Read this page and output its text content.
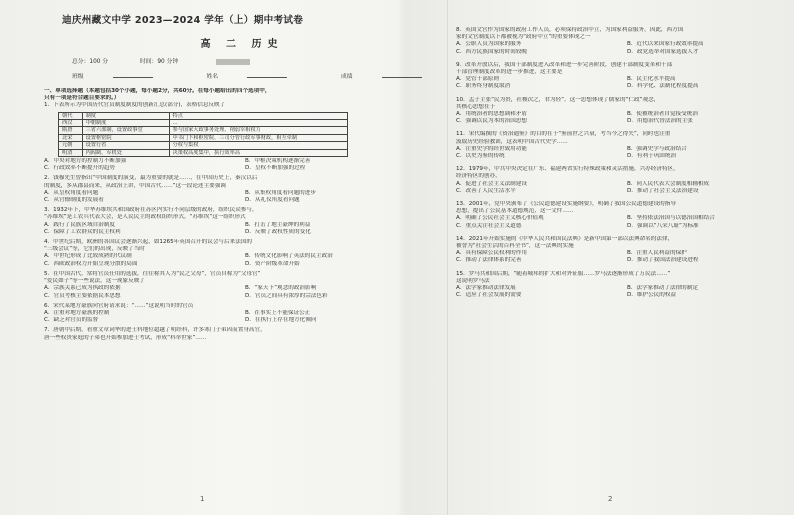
迪庆州藏文中学 2023—2024 学年（上）期中考试卷
高 二 历史
总分：100 分	时间：90 分钟
班级	姓名	成绩

一、单项选择题（本题包括30个小题，每小题2分，共60分。在每小题给出的四个选项中，

只有一项是符合题目要求的。）

1．下表所示为中国历代官员制度制度的创新汇总(部分)，表格信息反映了

朝代	制度	特点
西汉	中朝制度	…
隋唐	三省六部制，设置政事堂	参与国家大政事务处理、削弱宰相权力
北宋	设置枢密院	中书门下和枢密院、三司分管行政军事财政，相互牵制
元朝	设置行省	分权与集权
明清	内阁制、军机处	决策权高度集中，执行效率高
A．中央对地方的控制力不断加强	B．中枢决策机构逐渐完善
C．行政效率不断提升的趋势	D．皇权不断加强的过程

2．钱穆先生曾指出“中国制度的演变，最为重要的就是……，在中国历史上，秦汉以后

的制度，多从郡县而来，从政治上讲，中国古代……”这一段论述主要强调

A．从皇权角度看问题	B．从集权角度看问题的进步
C．从官僚制度的发展看	D．从礼仪角度看问题

3．1932年下，中华苏维埃共和国政府在苏区内实行不同层级的政府，组织民众参与，

“苏维埃”是工农兵代表大会，是人民民主的政权组织形式，“苏维埃”这一组织形式

A．践行了民族区域自治制度	B．打击了地主豪绅的利益
C．保障了工农群众的民主权利	D．反映了政权性质的变化

4．中世纪后期，欧洲的各国议会逐渐兴起，如1265年英国召开的议会与后来法国的

“三级会议”等，它们的出现，反映了当时

A．中世纪形成了比较成熟的代议制	B．传统文化影响了英法的民主政治
C．西欧政治权力开始呈现分散的局面	D．资产阶级革命开始

5．在中国古代，常将官员任用的选拔，往往称其人为“民之父母”，官员自称为“父母官”

“爱民如子”等一些说法，这一现象反映了

A．宗族关系已成为执政的依据	B．“家天下”观念的政治影响
C．官员考核主要依据民本思想	D．官员之间具有浓厚的宗法色彩

6．宋代某地方豪族向官府请求说：“……”这说明当时的官员

A．注重对地方豪族的控制	B．在事实上不能保证公正
C．缺乏对官员的监督	D．在执行上存在地方化倾向

7．唐朝中后期，看重文章词华的进士科地位超越了明经科，许多寒门子弟因而置身高官，

唐一些权贵家庭的子弟也开始参加进士考试，形成“科举世家”……

1

8．英国文官作为国家的政府工作人员，必须保持政治中立，为国家利益服务，因此，西方国

家的文官制度以下都被视为“政府中立”的重要体现之一

A．公职人员为国家的服务	B．近代以来国家行政效率提高
C．西方民族国家的时间较晚	D．政党选举对国家选拔人才

9．改革开放以后，我国干部制度进入改革和进一步完善阶段，创建干部制度变革和干部

干部管理制度改革的进一步推进，这主要是

A．党管干部原则	B．民主化水平提高
C．职务终身制度取消	D．科学化、法制化程度提高

10．孟子主张“民为贵，社稷次之，君为轻”。这一思想体现了儒家的“仁政”观念，

其核心思想在于

A．用统治者的思想调和矛盾	B．使被统治者自觉接受统治
C．强调以民为本的治国思想	D．用德治代替法治的主张

11．宋代编撰的《资治通鉴》的目的在于“鉴前世之兴衰，考当今之得失”，同时也注重

汲取历史经验教训，这表明中国古代史学……

A．注重史学的经世致用功能	B．强调史学与政治结合
C．以史为鉴的传统	D．有利于巩固统治

12．1979年，中共中央决定在广东、福建两省实行特殊政策和灵活措施，兴办经济特区，

经济特区的创办，

A．促进了社会主义法制建设	B．同人民代表大会制度相辅相成
C．改善了人民生活水平	D．推动了社会主义法治建设

13．2001年，党中央颁布了《公民道德建设实施纲要》，明确了我国公民道德建设的指导

思想，提出了公民基本道德规范，这一文件……

A．明确了公民社会主义核心价值观	B．坚持依法治国与以德治国相结合
C．重点关注社会主义道德	D．强调以“八荣八耻”为标准

14．2021年开始实施的《中华人民共和国民法典》是新中国第一部以法典命名的法律，

被誉为“社会生活的百科全书”，这一法典的实施

A．具有保障公民权利的作用	B．注重人民利益的保护
C．推动了法律体系的完善	D．推动了我国法治建设进程

15．罗马共和国后期，“随着城邦的扩大和对外征服……罗马法逐渐形成了万民法……”

这说明罗马法

A．法学家推动法律发展	B．法学家推动了法律的制定
C．适应了社会发展的需要	D．维护公民的权益
2
